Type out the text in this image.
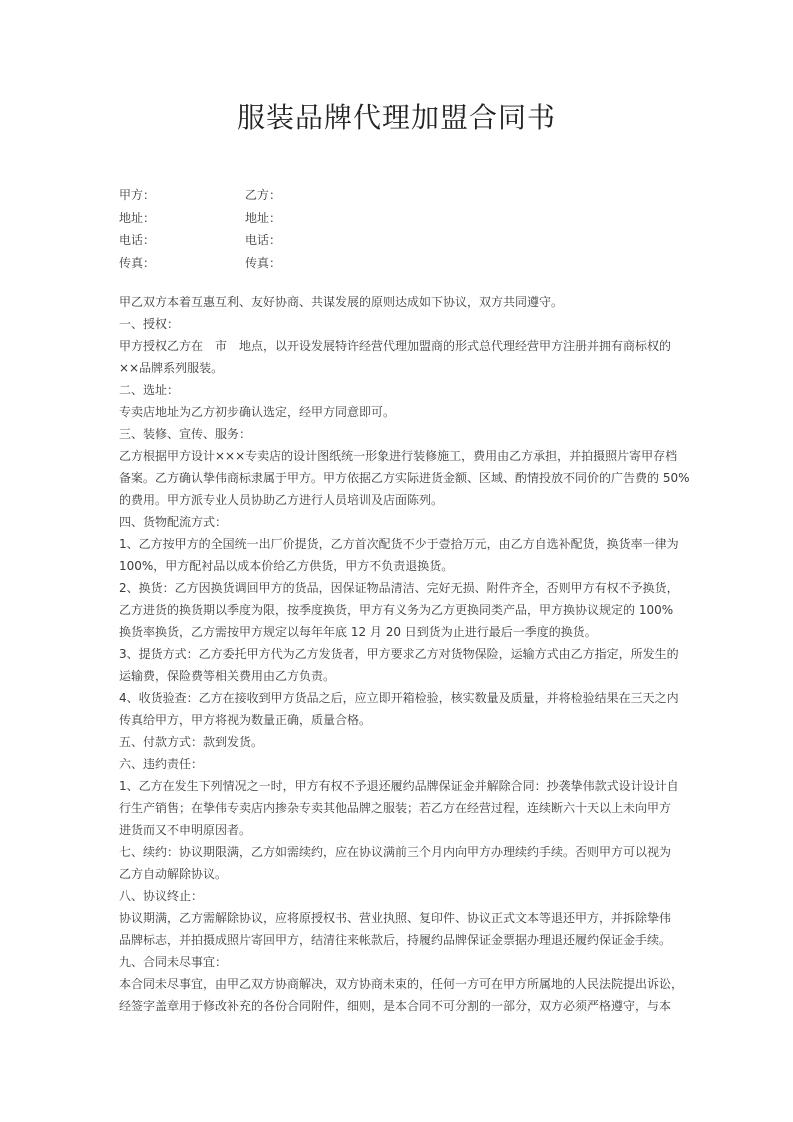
服装品牌代理加盟合同书
甲方：	乙方：
地址：	地址：
电话：	电话：
传真：	传真：

甲乙双方本着互惠互利、友好协商、共谋发展的原则达成如下协议，双方共同遵守。

一、授权：

甲方授权乙方在　市　地点，以开设发展特许经营代理加盟商的形式总代理经营甲方注册并拥有商标权的

××品牌系列服装。

二、选址：

专卖店地址为乙方初步确认选定，经甲方同意即可。

三、装修、宣传、服务：

乙方根据甲方设计×××专卖店的设计图纸统一形象进行装修施工，费用由乙方承担，并拍摄照片寄甲存档

备案。乙方确认挚伟商标隶属于甲方。甲方依据乙方实际进货金额、区域、酌情投放不同价的广告费的 50%

的费用。甲方派专业人员协助乙方进行人员培训及店面陈列。

四、货物配流方式：

1、乙方按甲方的全国统一出厂价提货，乙方首次配货不少于壹拾万元，由乙方自选补配货，换货率一律为

100%，甲方配衬品以成本价给乙方供货，甲方不负责退换货。

2、换货：乙方因换货调回甲方的货品，因保证物品清洁、完好无损、附件齐全，否则甲方有权不予换货，

乙方进货的换货期以季度为限，按季度换货，甲方有义务为乙方更换同类产品，甲方换协议规定的 100%

换货率换货，乙方需按甲方规定以每年年底 12 月 20 日到货为止进行最后一季度的换货。

3、提货方式：乙方委托甲方代为乙方发货者，甲方要求乙方对货物保险，运输方式由乙方指定，所发生的

运输费，保险费等相关费用由乙方负责。

4、收货验查：乙方在接收到甲方货品之后，应立即开箱检验，核实数量及质量，并将检验结果在三天之内

传真给甲方，甲方将视为数量正确，质量合格。

五、付款方式：款到发货。

六、违约责任：

1、乙方在发生下列情况之一时，甲方有权不予退还履约品牌保证金并解除合同：抄袭挚伟款式设计设计自

行生产销售；在挚伟专卖店内掺杂专卖其他品牌之服装；若乙方在经营过程，连续断六十天以上未向甲方

进货而又不申明原因者。

七、续约：协议期限满，乙方如需续约，应在协议满前三个月内向甲方办理续约手续。否则甲方可以视为

乙方自动解除协议。

八、协议终止：

协议期满，乙方需解除协议，应将原授权书、营业执照、复印件、协议正式文本等退还甲方，并拆除挚伟

品牌标志，并拍摄成照片寄回甲方，结清往来帐款后，持履约品牌保证金票据办理退还履约保证金手续。

九、合同未尽事宜：

本合同未尽事宜，由甲乙双方协商解决，双方协商未束的，任何一方可在甲方所属地的人民法院提出诉讼，

经签字盖章用于修改补充的各份合同附件，细则，是本合同不可分割的一部分，双方必须严格遵守，与本
